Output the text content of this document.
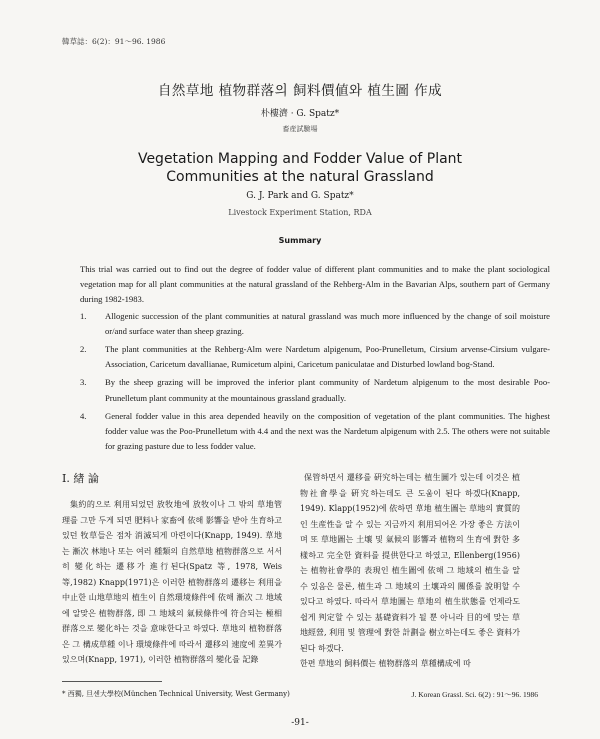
韓草誌：6(2)：91～96. 1986
自然草地 植物群落의 飼料價値와 植生圖 作成
朴樓濟 · G. Spatz*
畜産試驗場
Vegetation Mapping and Fodder Value of Plant
Communities at the natural Grassland
G. J. Park and G. Spatz*
Livestock Experiment Station, RDA
Summary

This trial was carried out to find out the degree of fodder value of different plant communities and to make the plant sociological vegetation map for all plant communities at the natural grassland of the Rehberg-Alm in the Bavarian Alps, southern part of Germany during 1982-1983.

1. Allogenic succession of the plant communities at natural grassland was much more influenced by the change of soil moisture or/and surface water than sheep grazing.
2. The plant communities at the Rehberg-Alm were Nardetum alpigenum, Poo-Prunelletum, Cirsium arvense-Cirsium vulgare-Association, Caricetum davallianae, Rumicetum alpini, Caricetum paniculatae and Disturbed lowland bog-Stand.
3. By the sheep grazing will be improved the inferior plant community of Nardetum alpigenum to the most desirable Poo-Prunelletum plant community at the mountainous grassland gradually.
4. General fodder value in this area depended heavily on the composition of vegetation of the plant communities. The highest fodder value was the Poo-Prunelletum with 4.4 and the next was the Nardetum alpigenum with 2.5. The others were not suitable for grazing pasture due to less fodder value.
Ⅰ. 緖 論
集約的으로 利用되었던 放牧地에 放牧이나 그 밖의 草地管理를 그만 두게 되면 肥料나 家畜에 依해 影響을 받아 生育하고 있던 牧草들은 점차 消滅되게 마련이다(Knapp, 1949). 草地는 漸次 林地나 또는 여러 種類의 自然草地 植物群落으로 서서히 變化하는 遷移가 進行된다(Spatz 等, 1978, Weis 等,1982) Knapp(1971)은 이러한 植物群落의 遷移는 利用을 中止한 山地草地의 植生이 自然環境條件에 依해 漸次 그 地域에 알맞은 植物群落, 即 그 地域의 氣候條件에 符合되는 極相群落으로 變化하는 것을 意味한다고 하였다. 草地의 植物群落은 그 構成草種 이나 環境條件에 따라서 遷移의 速度에 差異가 있으며(Knapp, 1971), 이러한 植物群落의 變化를 記錄
保管하면서 遷移를 硏究하는데는 植生圖가 있는데 이것은 植物社會學을 硏究하는데도 큰 도움이 된다 하겠다(Knapp, 1949). Klapp(1952)에 依하면 草地 植生圖는 草地의 實質的인 生産性을 알 수 있는 지금까지 利用되어온 가장 좋은 方法이며 또 草地圖는 土壤 및 氣候의 影響과 植物의 生育에 對한 多樣하고 完全한 資料를 提供한다고 하였고, Ellenberg(1956)는 植物社會學的 表現인 植生圖에 依해 그 地域의 植生을 알 수 있음은 물론, 植生과 그 地域의 土壤과의 關係를 說明할 수 있다고 하였다. 따라서 草地圖는 草地의 植生狀態를 언제라도 쉽게 判定할 수 있는 基礎資料가 될 뿐 아니라 目的에 맞는 草地經營, 利用 및 管理에 對한 計劃을 樹立하는데도 좋은 資料가 된다 하겠다.
한편 草地의 飼料價는 植物群落의 草種構成에 따
* 西獨, 旦센大學校(München Technical University, West Germany)	J. Korean Grassl. Sci. 6(2) : 91～96. 1986
-91-
